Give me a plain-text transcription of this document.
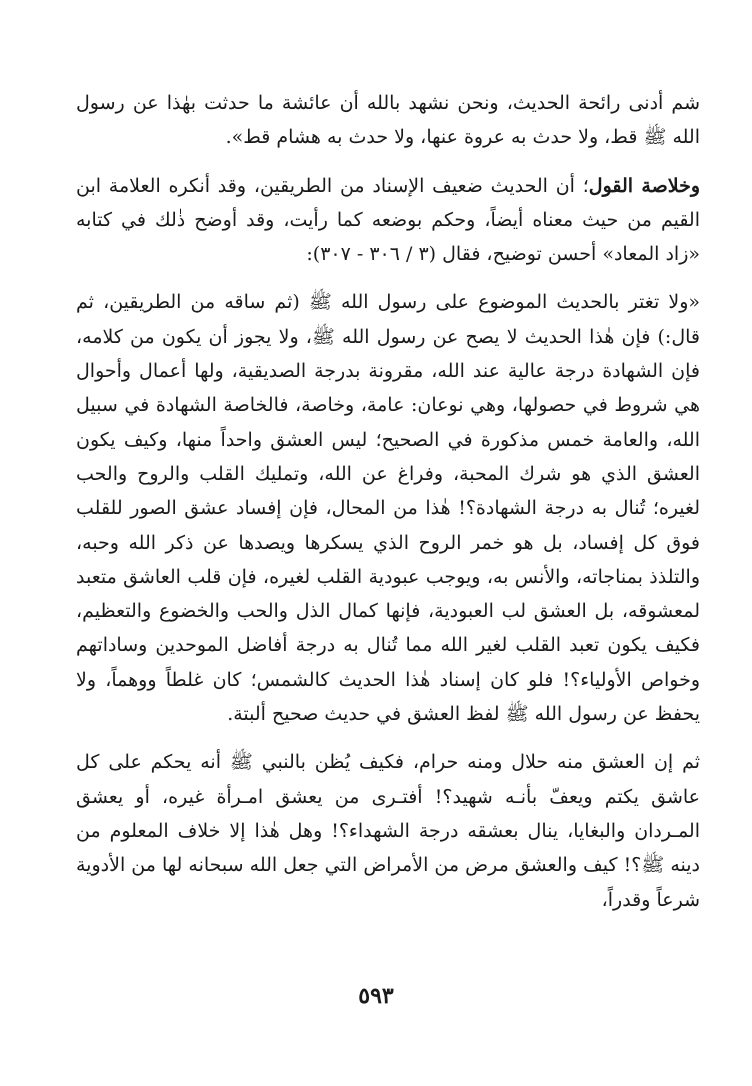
شم أدنى رائحة الحديث، ونحن نشهد بالله أن عائشة ما حدثت بهٰذا عن رسول الله ﷺ قط، ولا حدث به عروة عنها، ولا حدث به هشام قط».

وخلاصة القول؛ أن الحديث ضعيف الإسناد من الطريقين، وقد أنكره العلامة ابن القيم من حيث معناه أيضاً، وحكم بوضعه كما رأيت، وقد أوضح ذٰلك في كتابه «زاد المعاد» أحسن توضيح، فقال (٣ / ٣٠٦ - ٣٠٧):

«ولا تغتر بالحديث الموضوع على رسول الله ﷺ (ثم ساقه من الطريقين، ثم قال:) فإن هٰذا الحديث لا يصح عن رسول الله ﷺ، ولا يجوز أن يكون من كلامه، فإن الشهادة درجة عالية عند الله، مقرونة بدرجة الصديقية، ولها أعمال وأحوال هي شروط في حصولها، وهي نوعان: عامة، وخاصة، فالخاصة الشهادة في سبيل الله، والعامة خمس مذكورة في الصحيح؛ ليس العشق واحداً منها، وكيف يكون العشق الذي هو شرك المحبة، وفراغ عن الله، وتمليك القلب والروح والحب لغيره؛ تُنال به درجة الشهادة؟! هٰذا من المحال، فإن إفساد عشق الصور للقلب فوق كل إفساد، بل هو خمر الروح الذي يسكرها ويصدها عن ذكر الله وحبه، والتلذذ بمناجاته، والأنس به، ويوجب عبودية القلب لغيره، فإن قلب العاشق متعبد لمعشوقه، بل العشق لب العبودية، فإنها كمال الذل والحب والخضوع والتعظيم، فكيف يكون تعبد القلب لغير الله مما تُنال به درجة أفاضل الموحدين وساداتهم وخواص الأولياء؟! فلو كان إسناد هٰذا الحديث كالشمس؛ كان غلطاً ووهماً، ولا يحفظ عن رسول الله ﷺ لفظ العشق في حديث صحيح ألبتة.

ثم إن العشق منه حلال ومنه حرام، فكيف يُظن بالنبي ﷺ أنه يحكم على كل عاشق يكتم ويعفّ بأنـه شهيد؟! أفتـرى من يعشق امـرأة غيره، أو يعشق المـردان والبغايا، ينال بعشقه درجة الشهداء؟! وهل هٰذا إلا خلاف المعلوم من دينه ﷺ؟! كيف والعشق مرض من الأمراض التي جعل الله سبحانه لها من الأدوية شرعاً وقدراً،

٥٩٣
